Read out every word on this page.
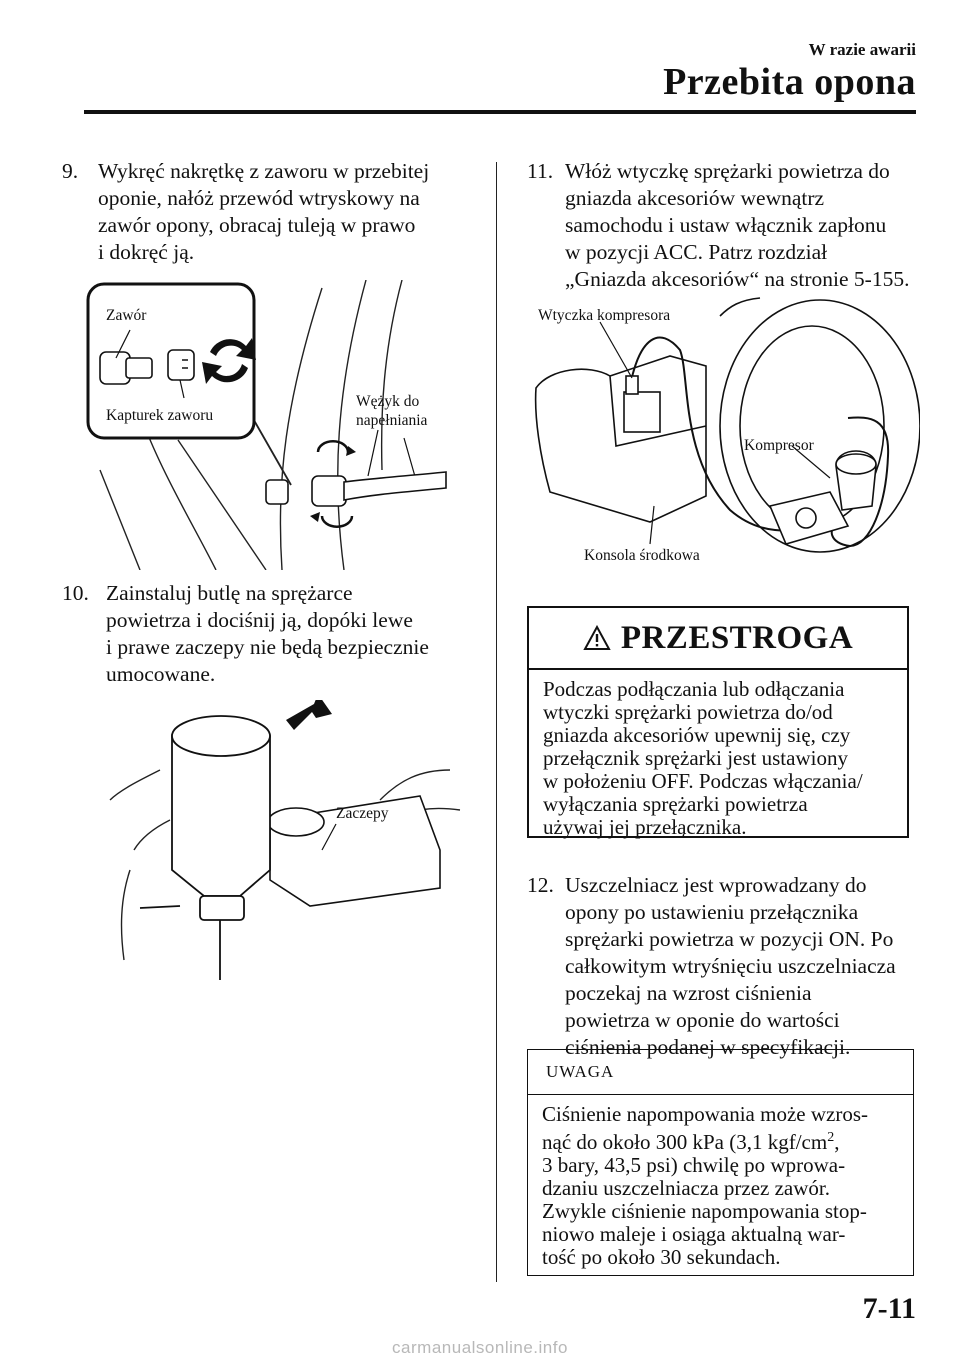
W razie awarii
Przebita opona
9. Wykręć nakrętkę z zaworu w przebitej
oponie, nałóż przewód wtryskowy na
zawór opony, obracaj tuleją w prawo
i dokręć ją.
Zawór
Kapturek zaworu
Wężyk do
napełniania
10. Zainstaluj butlę na sprężarce
powietrza i dociśnij ją, dopóki lewe
i prawe zaczepy nie będą bezpiecznie
umocowane.
Zaczepy
11. Włóż wtyczkę sprężarki powietrza do
gniazda akcesoriów wewnątrz
samochodu i ustaw włącznik zapłonu
w pozycji ACC. Patrz rozdział
„Gniazda akcesoriów“ na stronie 5-155.
Wtyczka kompresora
Kompresor
Konsola środkowa
PRZESTROGA
Podczas podłączania lub odłączania
wtyczki sprężarki powietrza do/od
gniazda akcesoriów upewnij się, czy
przełącznik sprężarki jest ustawiony
w położeniu OFF. Podczas włączania/
wyłączania sprężarki powietrza
używaj jej przełącznika.
12. Uszczelniacz jest wprowadzany do
opony po ustawieniu przełącznika
sprężarki powietrza w pozycji ON. Po
całkowitym wtryśnięciu uszczelniacza
poczekaj na wzrost ciśnienia
powietrza w oponie do wartości
ciśnienia podanej w specyfikacji.
UWAGA
Ciśnienie napompowania może wzros-
nąć do około 300 kPa (3,1 kgf/$cm^2$,
3 bary, 43,5 psi) chwilę po wprowa-
dzaniu uszczelniacza przez zawór.
Zwykle ciśnienie napompowania stop-
niowo maleje i osiąga aktualną war-
tość po około 30 sekundach.
7-11
carmanualsonline.info
